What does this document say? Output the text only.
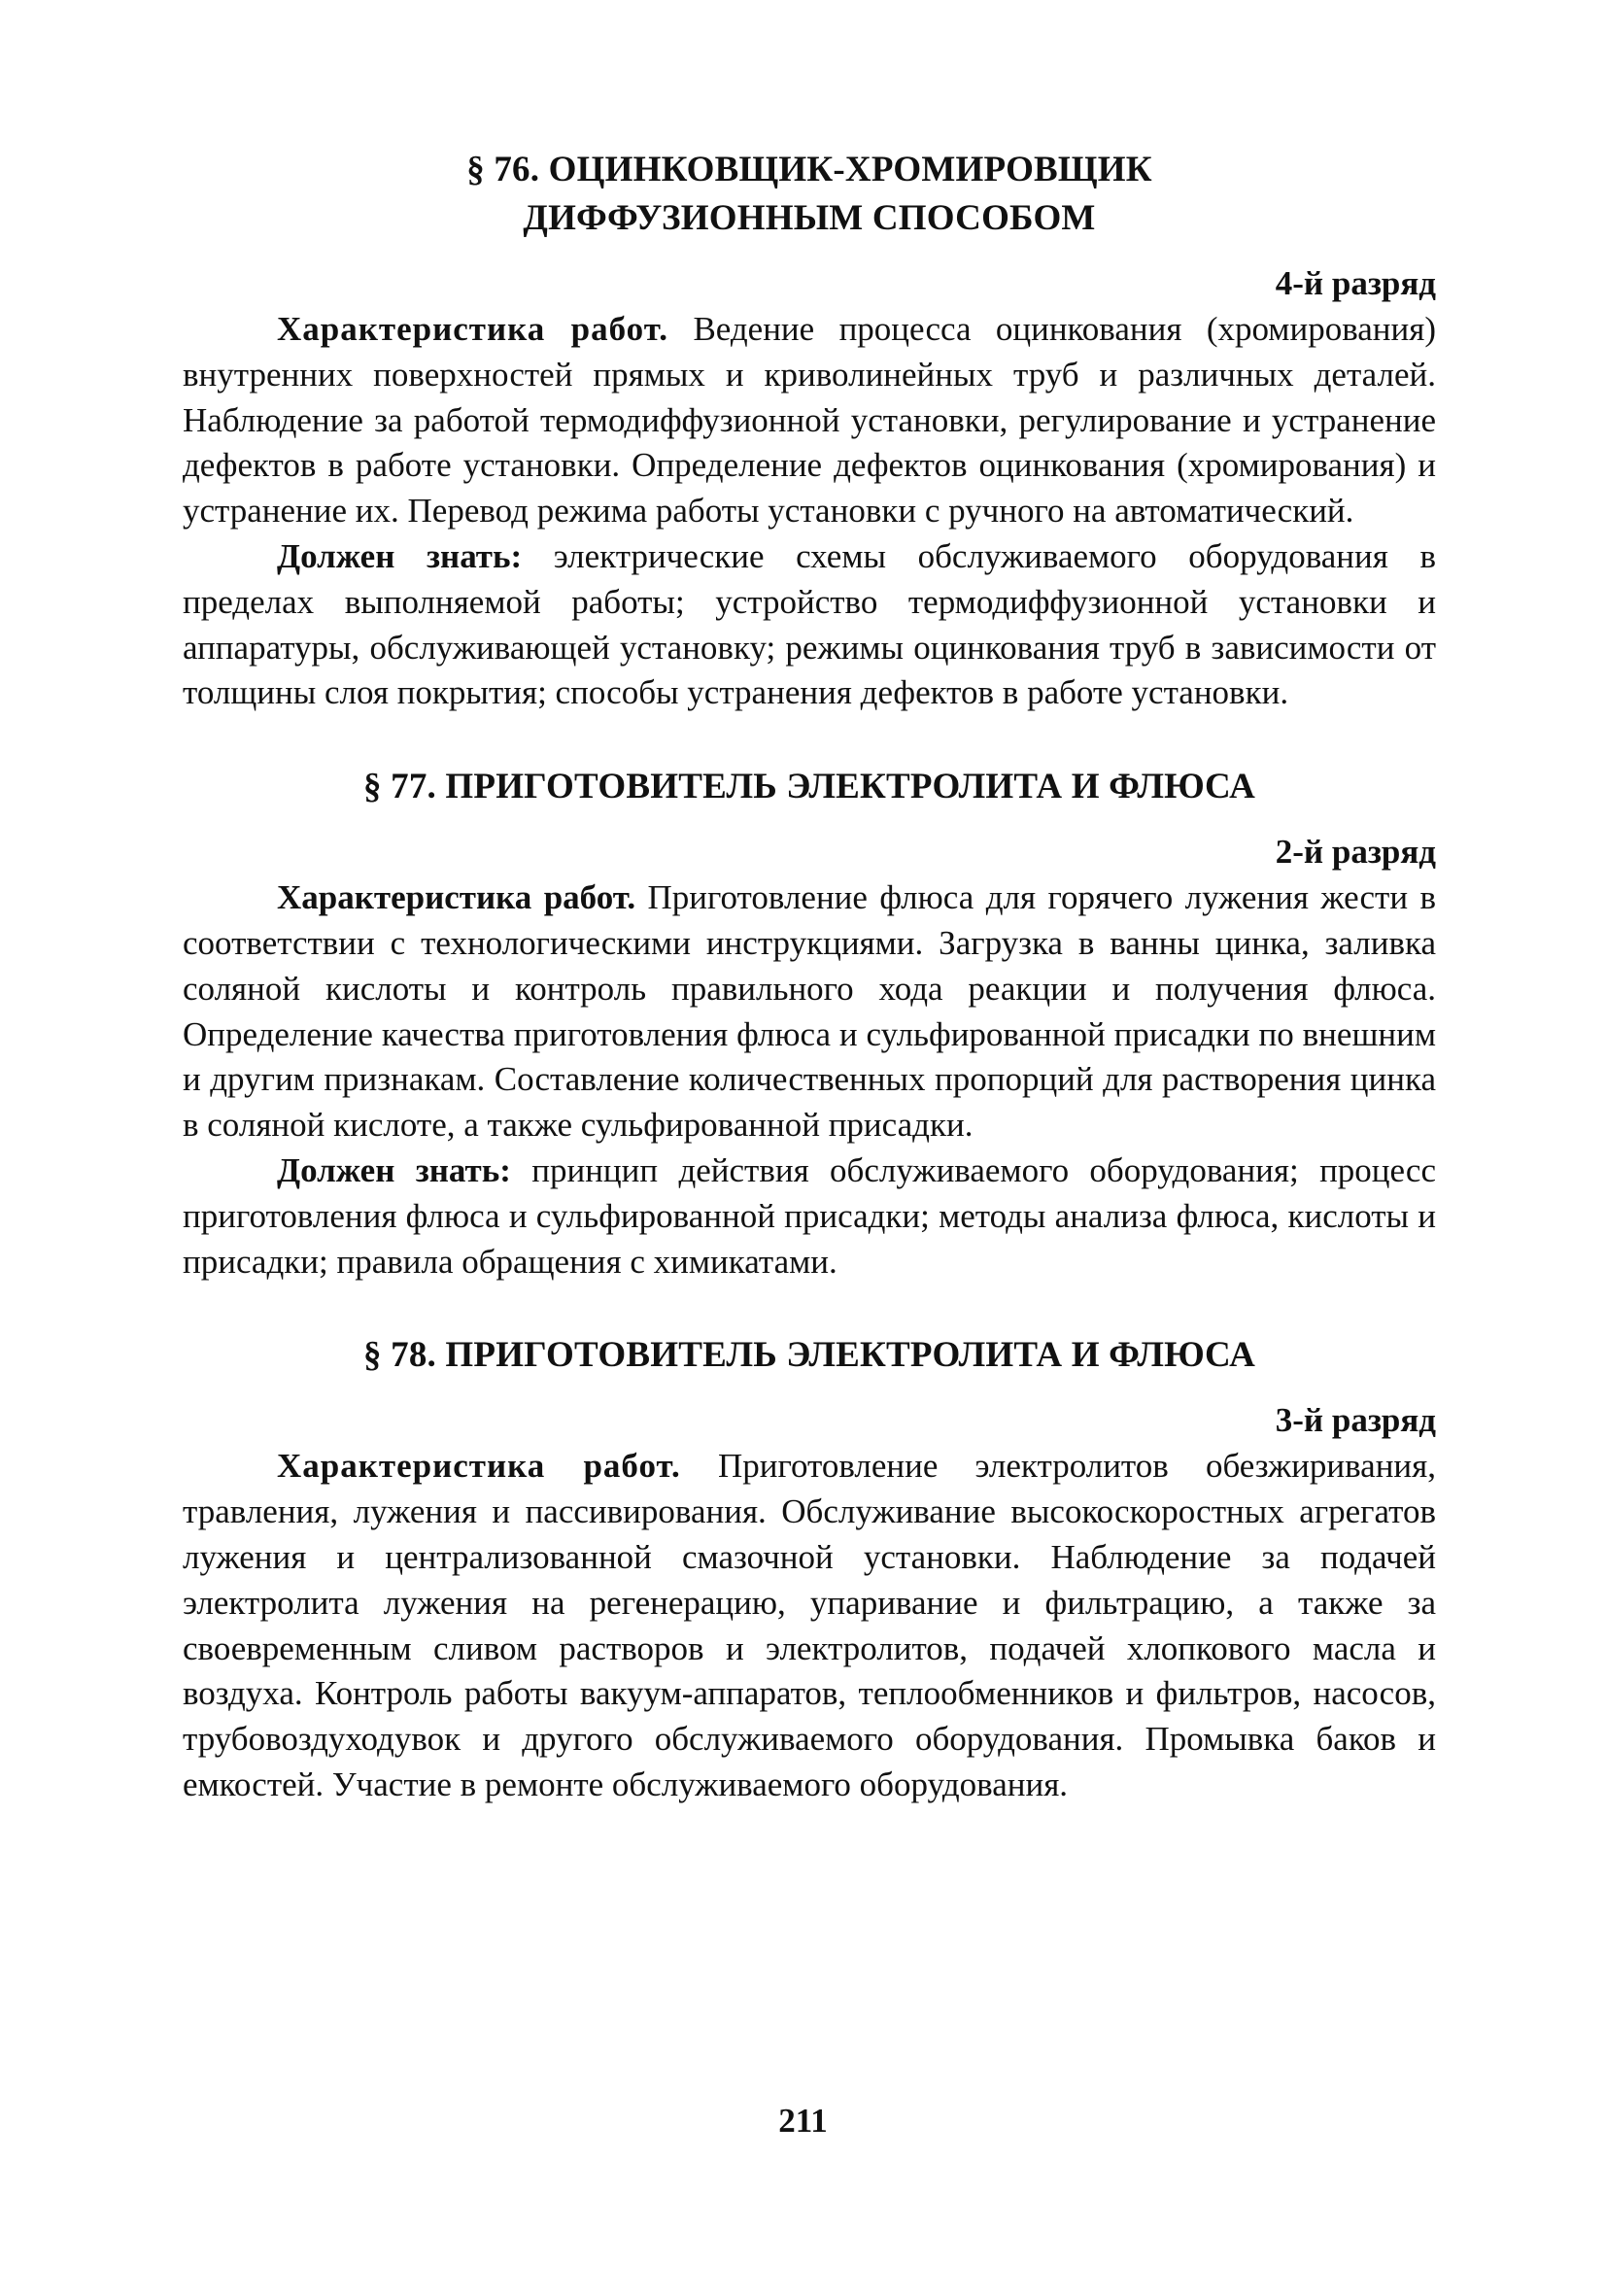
§ 76. ОЦИНКОВЩИК-ХРОМИРОВЩИК
ДИФФУЗИОННЫМ СПОСОБОМ

4-й разряд

Характеристика работ. Ведение процесса оцинкования (хромирования) внутренних поверхностей прямых и криволинейных труб и различных деталей. Наблюдение за работой термодиффузионной установки, регулирование и устранение дефектов в работе установки. Определение дефектов оцинкования (хромирования) и устранение их. Перевод режима работы установки с ручного на автоматический.

Должен знать: электрические схемы обслуживаемого оборудования в пределах выполняемой работы; устройство термодиффузионной установки и аппаратуры, обслуживающей установку; режимы оцинкования труб в зависимости от толщины слоя покрытия; способы устранения дефектов в работе установки.

§ 77. ПРИГОТОВИТЕЛЬ ЭЛЕКТРОЛИТА И ФЛЮСА

2-й разряд

Характеристика работ. Приготовление флюса для горячего лужения жести в соответствии с технологическими инструкциями. Загрузка в ванны цинка, заливка соляной кислоты и контроль правильного хода реакции и получения флюса. Определение качества приготовления флюса и сульфированной присадки по внешним и другим признакам. Составление количественных пропорций для растворения цинка в соляной кислоте, а также сульфированной присадки.

Должен знать: принцип действия обслуживаемого оборудования; процесс приготовления флюса и сульфированной присадки; методы анализа флюса, кислоты и присадки; правила обращения с химикатами.

§ 78. ПРИГОТОВИТЕЛЬ ЭЛЕКТРОЛИТА И ФЛЮСА

3-й разряд

Характеристика работ. Приготовление электролитов обезжиривания, травления, лужения и пассивирования. Обслуживание высокоскоростных агрегатов лужения и централизованной смазочной установки. Наблюдение за подачей электролита лужения на регенерацию, упаривание и фильтрацию, а также за своевременным сливом растворов и электролитов, подачей хлопкового масла и воздуха. Контроль работы вакуум-аппаратов, теплообменников и фильтров, насосов, трубовоздуходувок и другого обслуживаемого оборудования. Промывка баков и емкостей. Участие в ремонте обслуживаемого оборудования.

211
